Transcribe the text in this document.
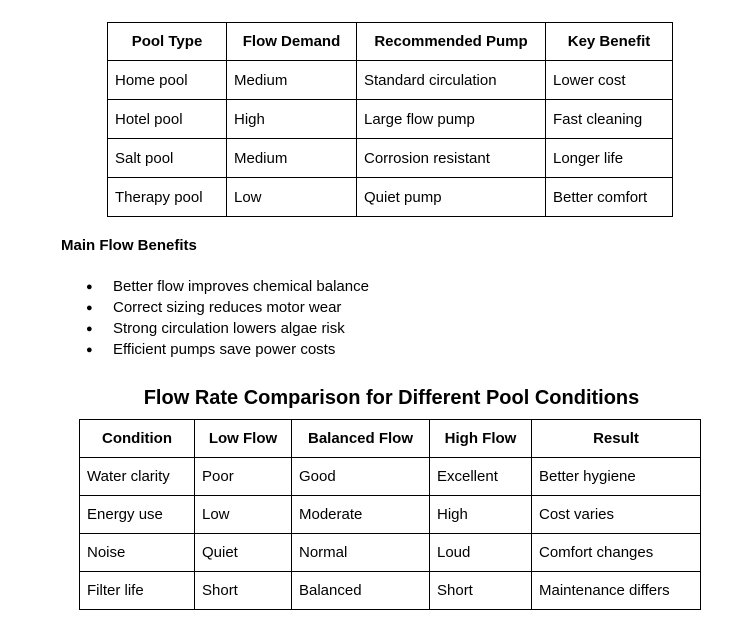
Pool Type	Flow Demand	Recommended Pump	Key Benefit
Home pool	Medium	Standard circulation	Lower cost
Hotel pool	High	Large flow pump	Fast cleaning
Salt pool	Medium	Corrosion resistant	Longer life
Therapy pool	Low	Quiet pump	Better comfort
Main Flow Benefits
● Better flow improves chemical balance
● Correct sizing reduces motor wear
● Strong circulation lowers algae risk
● Efficient pumps save power costs
Flow Rate Comparison for Different Pool Conditions
Condition	Low Flow	Balanced Flow	High Flow	Result
Water clarity	Poor	Good	Excellent	Better hygiene
Energy use	Low	Moderate	High	Cost varies
Noise	Quiet	Normal	Loud	Comfort changes
Filter life	Short	Balanced	Short	Maintenance differs
